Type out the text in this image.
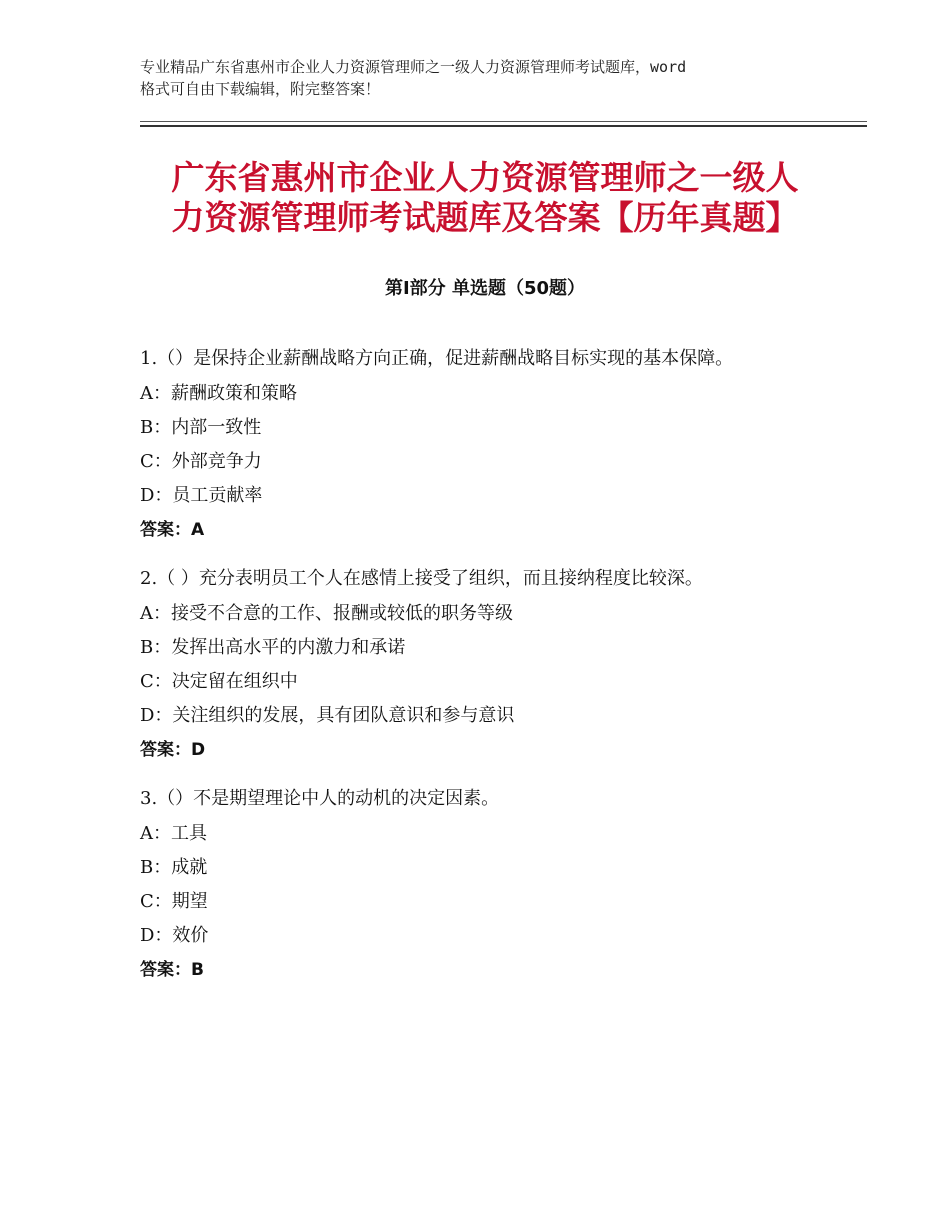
专业精品广东省惠州市企业人力资源管理师之一级人力资源管理师考试题库，word
格式可自由下载编辑，附完整答案！
广东省惠州市企业人力资源管理师之一级人
力资源管理师考试题库及答案【历年真题】
第Ⅰ部分 单选题（50题）
1.（）是保持企业薪酬战略方向正确，促进薪酬战略目标实现的基本保障。
A：薪酬政策和策略
B：内部一致性
C：外部竞争力
D：员工贡献率
答案：A
2.（ ）充分表明员工个人在感情上接受了组织，而且接纳程度比较深。
A：接受不合意的工作、报酬或较低的职务等级
B：发挥出高水平的内激力和承诺
C：决定留在组织中
D：关注组织的发展，具有团队意识和参与意识
答案：D
3.（）不是期望理论中人的动机的决定因素。
A：工具
B：成就
C：期望
D：效价
答案：B
